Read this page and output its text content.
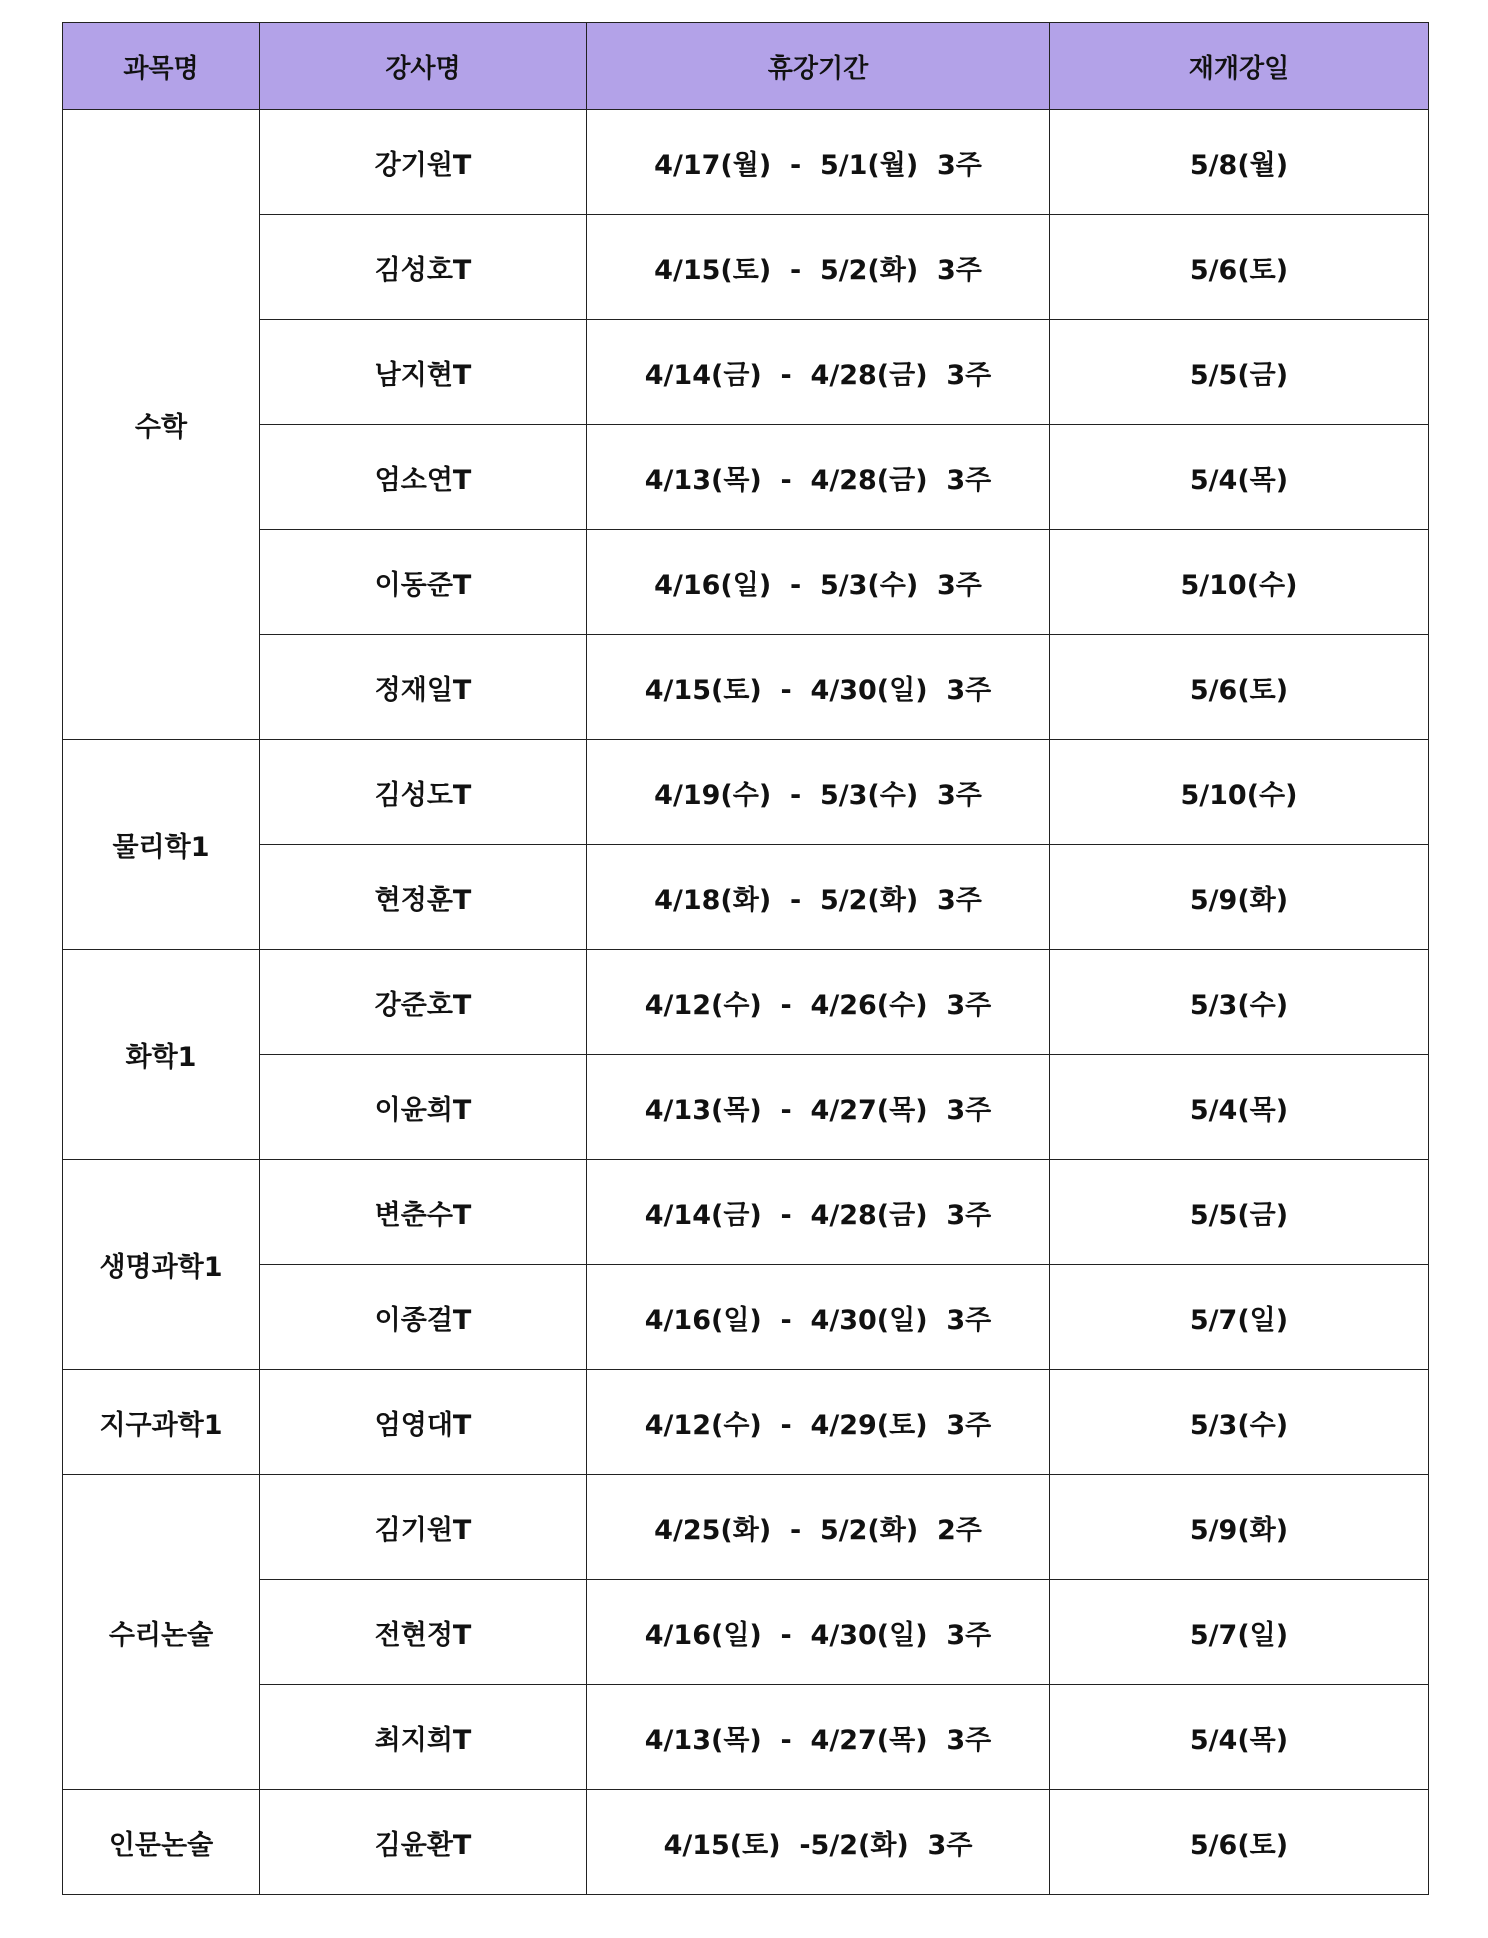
과목명	강사명	휴강기간	재개강일
수학	강기원T	4/17(월)  -  5/1(월)  3주	5/8(월)
	김성호T	4/15(토)  -  5/2(화)  3주	5/6(토)
	남지현T	4/14(금)  -  4/28(금)  3주	5/5(금)
	엄소연T	4/13(목)  -  4/28(금)  3주	5/4(목)
	이동준T	4/16(일)  -  5/3(수)  3주	5/10(수)
	정재일T	4/15(토)  -  4/30(일)  3주	5/6(토)
물리학1	김성도T	4/19(수)  -  5/3(수)  3주	5/10(수)
	현정훈T	4/18(화)  -  5/2(화)  3주	5/9(화)
화학1	강준호T	4/12(수)  -  4/26(수)  3주	5/3(수)
	이윤희T	4/13(목)  -  4/27(목)  3주	5/4(목)
생명과학1	변춘수T	4/14(금)  -  4/28(금)  3주	5/5(금)
	이종걸T	4/16(일)  -  4/30(일)  3주	5/7(일)
지구과학1	엄영대T	4/12(수)  -  4/29(토)  3주	5/3(수)
수리논술	김기원T	4/25(화)  -  5/2(화)  2주	5/9(화)
	전현정T	4/16(일)  -  4/30(일)  3주	5/7(일)
	최지희T	4/13(목)  -  4/27(목)  3주	5/4(목)
인문논술	김윤환T	4/15(토)  -5/2(화)  3주	5/6(토)
